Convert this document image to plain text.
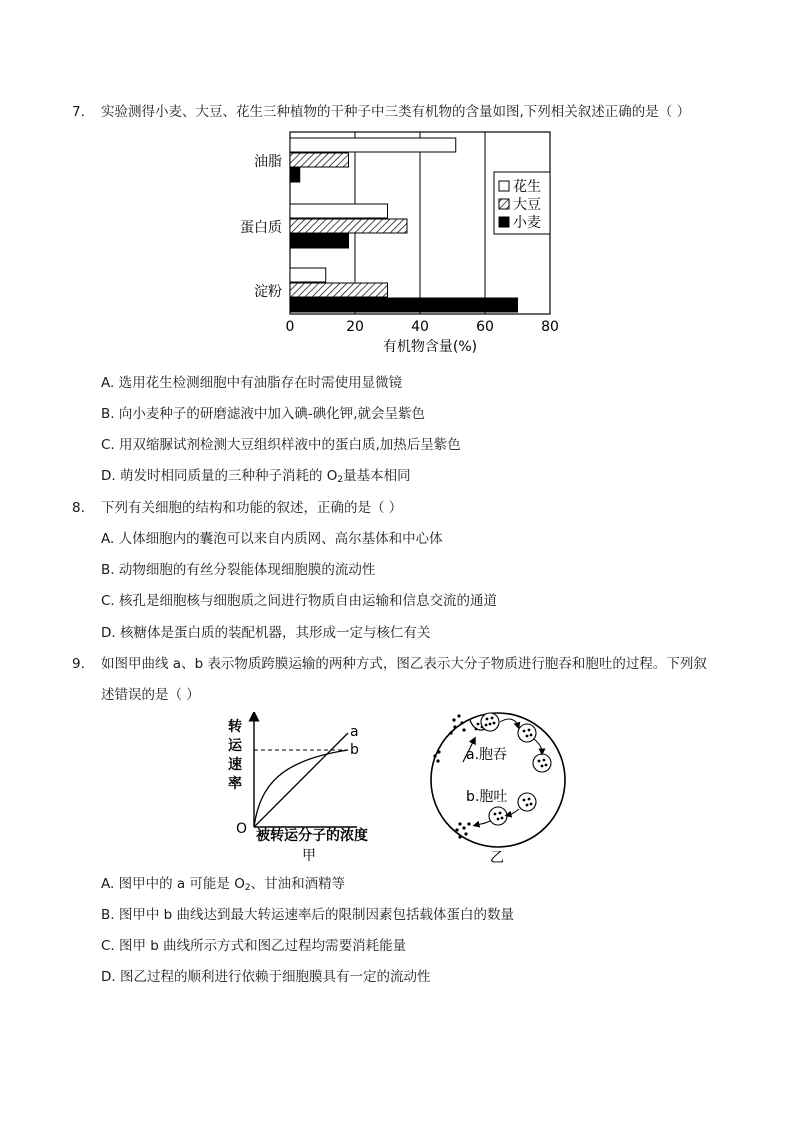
7. 实验测得小麦、大豆、花生三种植物的干种子中三类有机物的含量如图,下列相关叙述正确的是（ ）
0	20	40	60	80
有机物含量(%)
油脂
蛋白质
淀粉
花生
大豆
小麦
A. 选用花生检测细胞中有油脂存在时需使用显微镜
B. 向小麦种子的研磨滤液中加入碘-碘化钾,就会呈紫色
C. 用双缩脲试剂检测大豆组织样液中的蛋白质,加热后呈紫色
D. 萌发时相同质量的三种种子消耗的 $O_2$量基本相同
8. 下列有关细胞的结构和功能的叙述，正确的是（ ）
A. 人体细胞内的囊泡可以来自内质网、高尔基体和中心体
B. 动物细胞的有丝分裂能体现细胞膜的流动性
C. 核孔是细胞核与细胞质之间进行物质自由运输和信息交流的通道
D. 核糖体是蛋白质的装配机器，其形成一定与核仁有关
9. 如图甲曲线 a、b 表示物质跨膜运输的两种方式，图乙表示大分子物质进行胞吞和胞吐的过程。下列叙
述错误的是（ ）
转
运
速
率
a
b
O 被转运分子的浓度
甲
a.胞吞
b.胞吐
乙
A. 图甲中的 a 可能是 $O_2$、甘油和酒精等
B. 图甲中 b 曲线达到最大转运速率后的限制因素包括载体蛋白的数量
C. 图甲 b 曲线所示方式和图乙过程均需要消耗能量
D. 图乙过程的顺利进行依赖于细胞膜具有一定的流动性
